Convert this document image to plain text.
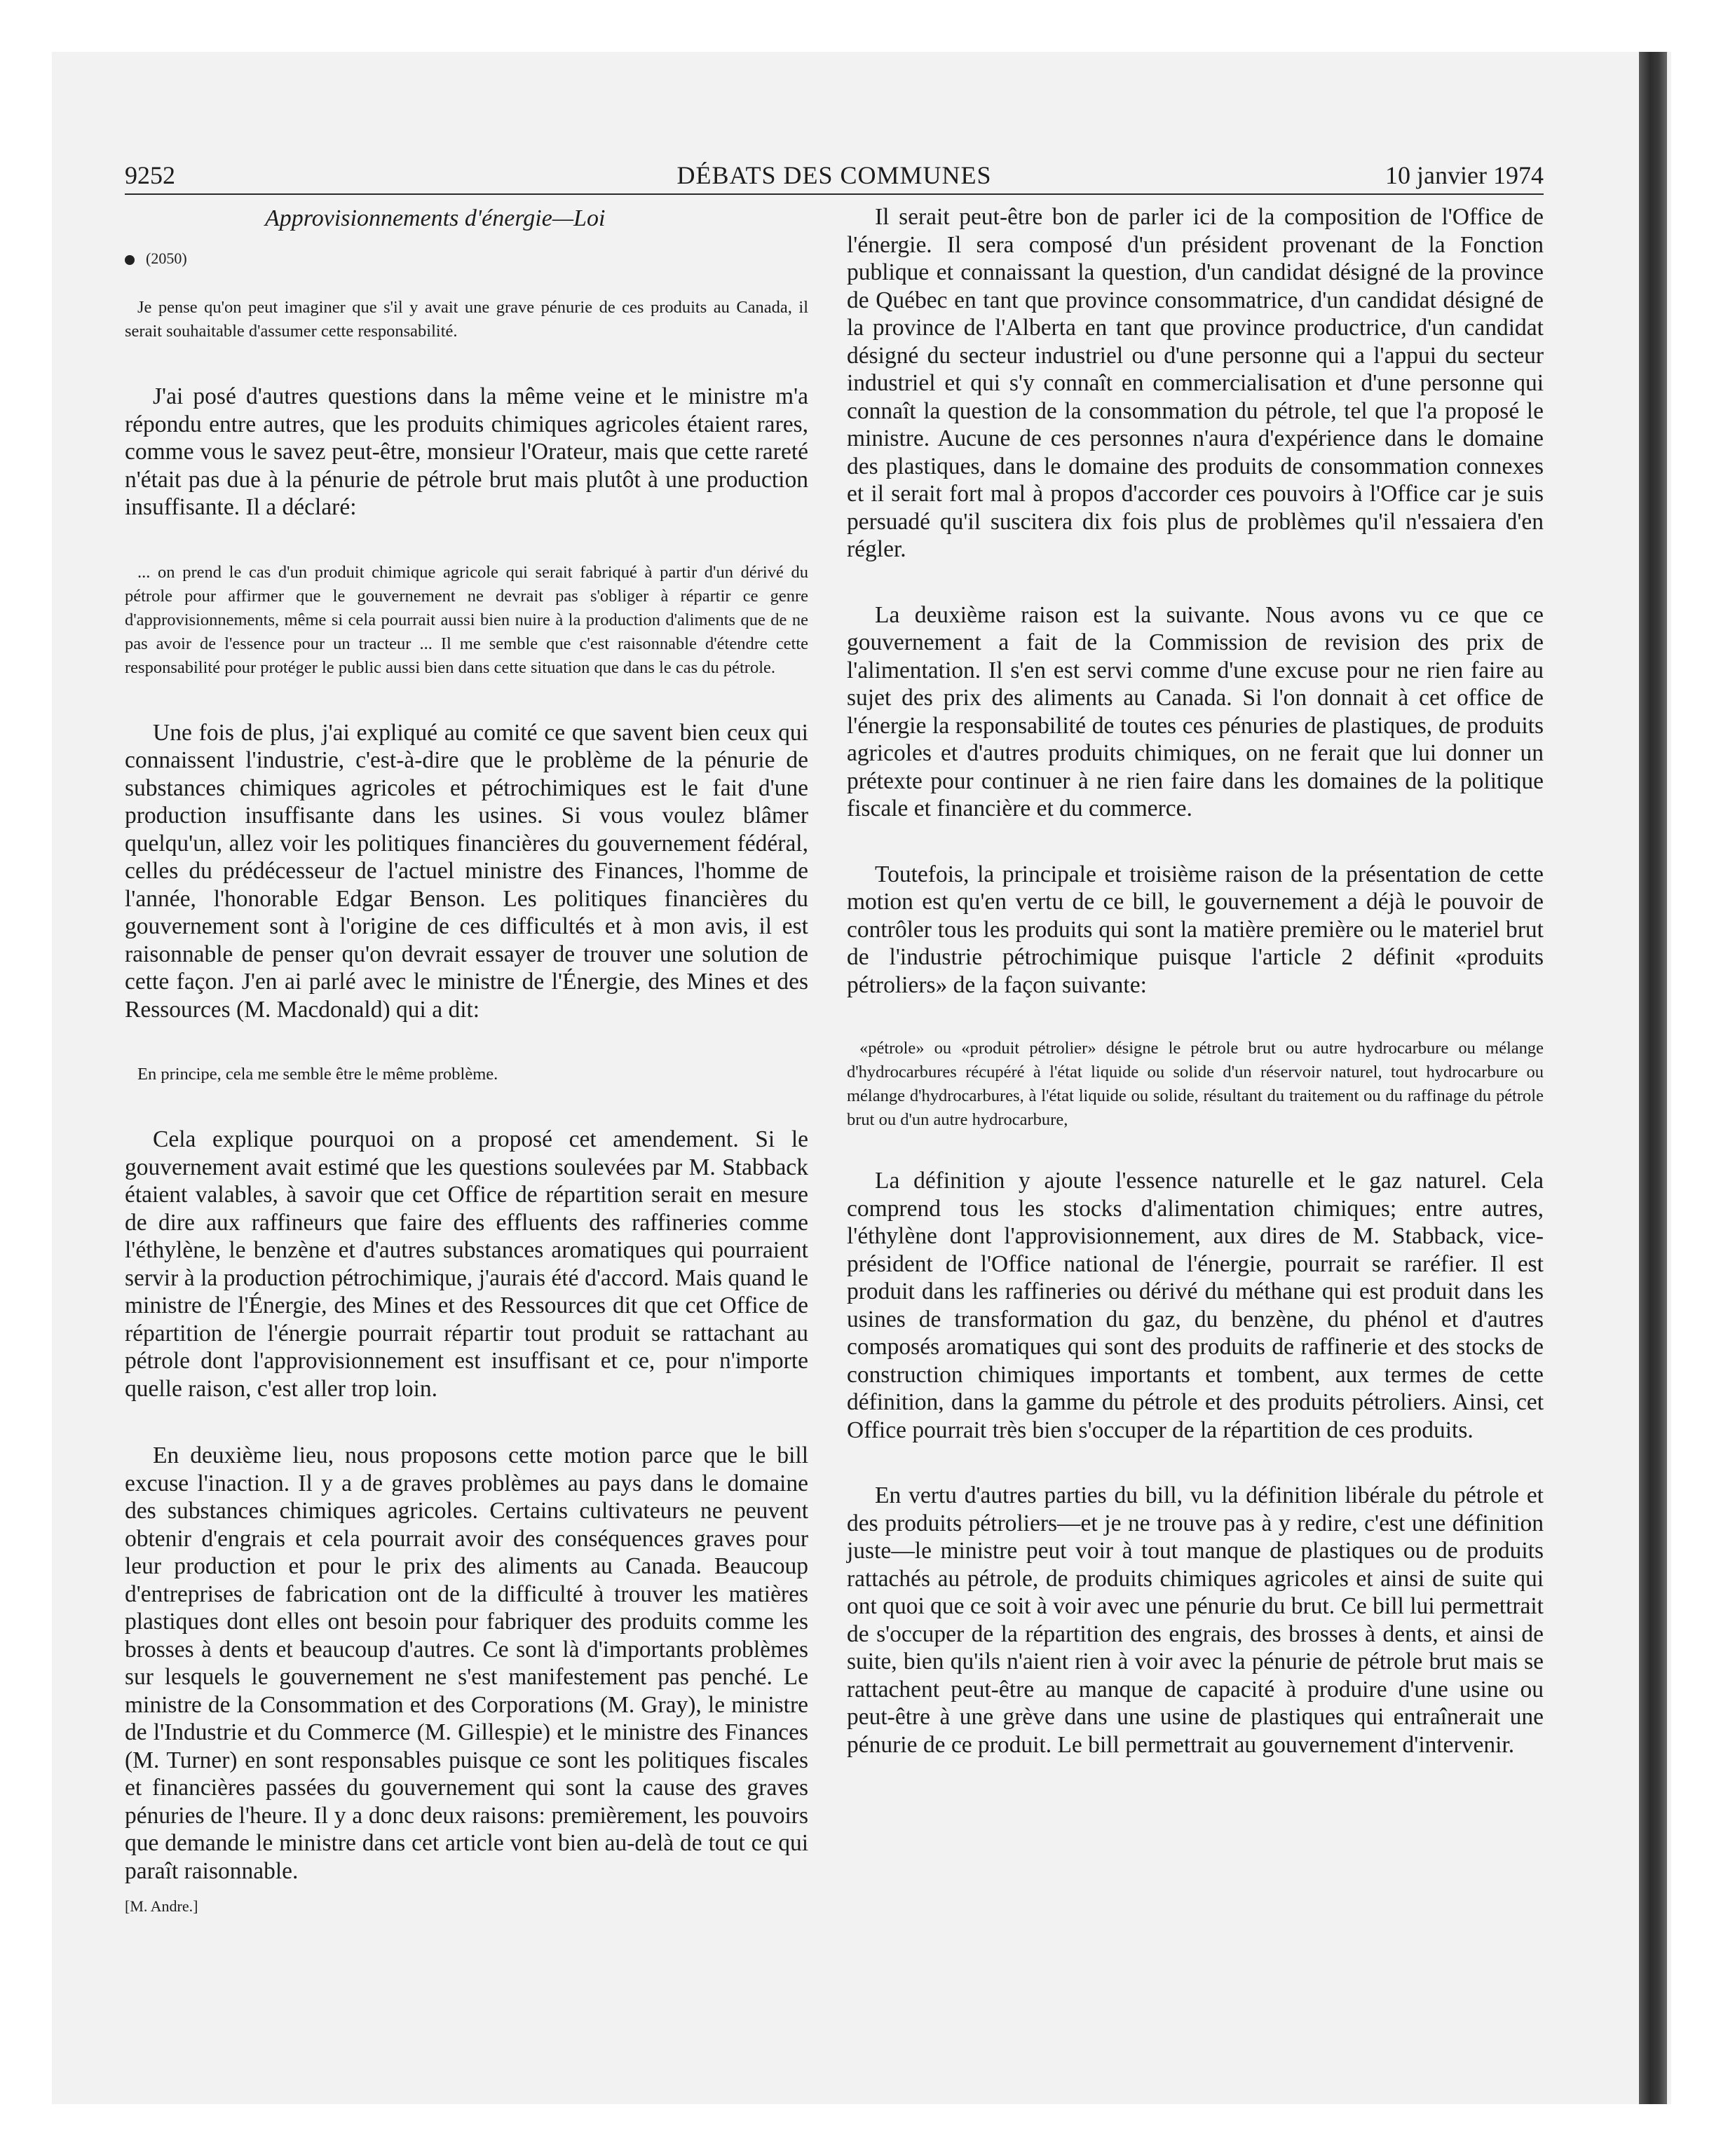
9252	DÉBATS DES COMMUNES	10 janvier 1974
Approvisionnements d'énergie—Loi
(2050)

Je pense qu'on peut imaginer que s'il y avait une grave pénurie de ces produits au Canada, il serait souhaitable d'assumer cette responsabilité.

J'ai posé d'autres questions dans la même veine et le ministre m'a répondu entre autres, que les produits chimiques agricoles étaient rares, comme vous le savez peut-être, monsieur l'Orateur, mais que cette rareté n'était pas due à la pénurie de pétrole brut mais plutôt à une production insuffisante. Il a déclaré:

... on prend le cas d'un produit chimique agricole qui serait fabriqué à partir d'un dérivé du pétrole pour affirmer que le gouvernement ne devrait pas s'obliger à répartir ce genre d'approvisionnements, même si cela pourrait aussi bien nuire à la production d'aliments que de ne pas avoir de l'essence pour un tracteur ... Il me semble que c'est raisonnable d'étendre cette responsabilité pour protéger le public aussi bien dans cette situation que dans le cas du pétrole.

Une fois de plus, j'ai expliqué au comité ce que savent bien ceux qui connaissent l'industrie, c'est-à-dire que le problème de la pénurie de substances chimiques agricoles et pétrochimiques est le fait d'une production insuffisante dans les usines. Si vous voulez blâmer quelqu'un, allez voir les politiques financières du gouvernement fédéral, celles du prédécesseur de l'actuel ministre des Finances, l'homme de l'année, l'honorable Edgar Benson. Les politiques financières du gouvernement sont à l'origine de ces difficultés et à mon avis, il est raisonnable de penser qu'on devrait essayer de trouver une solution de cette façon. J'en ai parlé avec le ministre de l'Énergie, des Mines et des Ressources (M. Macdonald) qui a dit:

En principe, cela me semble être le même problème.

Cela explique pourquoi on a proposé cet amendement. Si le gouvernement avait estimé que les questions soulevées par M. Stabback étaient valables, à savoir que cet Office de répartition serait en mesure de dire aux raffineurs que faire des effluents des raffineries comme l'éthylène, le benzène et d'autres substances aromatiques qui pourraient servir à la production pétrochimique, j'aurais été d'accord. Mais quand le ministre de l'Énergie, des Mines et des Ressources dit que cet Office de répartition de l'énergie pourrait répartir tout produit se rattachant au pétrole dont l'approvisionnement est insuffisant et ce, pour n'importe quelle raison, c'est aller trop loin.

En deuxième lieu, nous proposons cette motion parce que le bill excuse l'inaction. Il y a de graves problèmes au pays dans le domaine des substances chimiques agricoles. Certains cultivateurs ne peuvent obtenir d'engrais et cela pourrait avoir des conséquences graves pour leur production et pour le prix des aliments au Canada. Beaucoup d'entreprises de fabrication ont de la difficulté à trouver les matières plastiques dont elles ont besoin pour fabriquer des produits comme les brosses à dents et beaucoup d'autres. Ce sont là d'importants problèmes sur lesquels le gouvernement ne s'est manifestement pas penché. Le ministre de la Consommation et des Corporations (M. Gray), le ministre de l'Industrie et du Commerce (M. Gillespie) et le ministre des Finances (M. Turner) en sont responsables puisque ce sont les politiques fiscales et financières passées du gouvernement qui sont la cause des graves pénuries de l'heure. Il y a donc deux raisons: premièrement, les pouvoirs que demande le ministre dans cet article vont bien au-delà de tout ce qui paraît raisonnable.

[M. Andre.]

Il serait peut-être bon de parler ici de la composition de l'Office de l'énergie. Il sera composé d'un président provenant de la Fonction publique et connaissant la question, d'un candidat désigné de la province de Québec en tant que province consommatrice, d'un candidat désigné de la province de l'Alberta en tant que province productrice, d'un candidat désigné du secteur industriel ou d'une personne qui a l'appui du secteur industriel et qui s'y connaît en commercialisation et d'une personne qui connaît la question de la consommation du pétrole, tel que l'a proposé le ministre. Aucune de ces personnes n'aura d'expérience dans le domaine des plastiques, dans le domaine des produits de consommation connexes et il serait fort mal à propos d'accorder ces pouvoirs à l'Office car je suis persuadé qu'il suscitera dix fois plus de problèmes qu'il n'essaiera d'en régler.

La deuxième raison est la suivante. Nous avons vu ce que ce gouvernement a fait de la Commission de revision des prix de l'alimentation. Il s'en est servi comme d'une excuse pour ne rien faire au sujet des prix des aliments au Canada. Si l'on donnait à cet office de l'énergie la responsabilité de toutes ces pénuries de plastiques, de produits agricoles et d'autres produits chimiques, on ne ferait que lui donner un prétexte pour continuer à ne rien faire dans les domaines de la politique fiscale et financière et du commerce.

Toutefois, la principale et troisième raison de la présentation de cette motion est qu'en vertu de ce bill, le gouvernement a déjà le pouvoir de contrôler tous les produits qui sont la matière première ou le materiel brut de l'industrie pétrochimique puisque l'article 2 définit «produits pétroliers» de la façon suivante:

«pétrole» ou «produit pétrolier» désigne le pétrole brut ou autre hydrocarbure ou mélange d'hydrocarbures récupéré à l'état liquide ou solide d'un réservoir naturel, tout hydrocarbure ou mélange d'hydrocarbures, à l'état liquide ou solide, résultant du traitement ou du raffinage du pétrole brut ou d'un autre hydrocarbure,

La définition y ajoute l'essence naturelle et le gaz naturel. Cela comprend tous les stocks d'alimentation chimiques; entre autres, l'éthylène dont l'approvisionnement, aux dires de M. Stabback, vice-président de l'Office national de l'énergie, pourrait se raréfier. Il est produit dans les raffineries ou dérivé du méthane qui est produit dans les usines de transformation du gaz, du benzène, du phénol et d'autres composés aromatiques qui sont des produits de raffinerie et des stocks de construction chimiques importants et tombent, aux termes de cette définition, dans la gamme du pétrole et des produits pétroliers. Ainsi, cet Office pourrait très bien s'occuper de la répartition de ces produits.

En vertu d'autres parties du bill, vu la définition libérale du pétrole et des produits pétroliers—et je ne trouve pas à y redire, c'est une définition juste—le ministre peut voir à tout manque de plastiques ou de produits rattachés au pétrole, de produits chimiques agricoles et ainsi de suite qui ont quoi que ce soit à voir avec une pénurie du brut. Ce bill lui permettrait de s'occuper de la répartition des engrais, des brosses à dents, et ainsi de suite, bien qu'ils n'aient rien à voir avec la pénurie de pétrole brut mais se rattachent peut-être au manque de capacité à produire d'une usine ou peut-être à une grève dans une usine de plastiques qui entraînerait une pénurie de ce produit. Le bill permettrait au gouvernement d'intervenir.
